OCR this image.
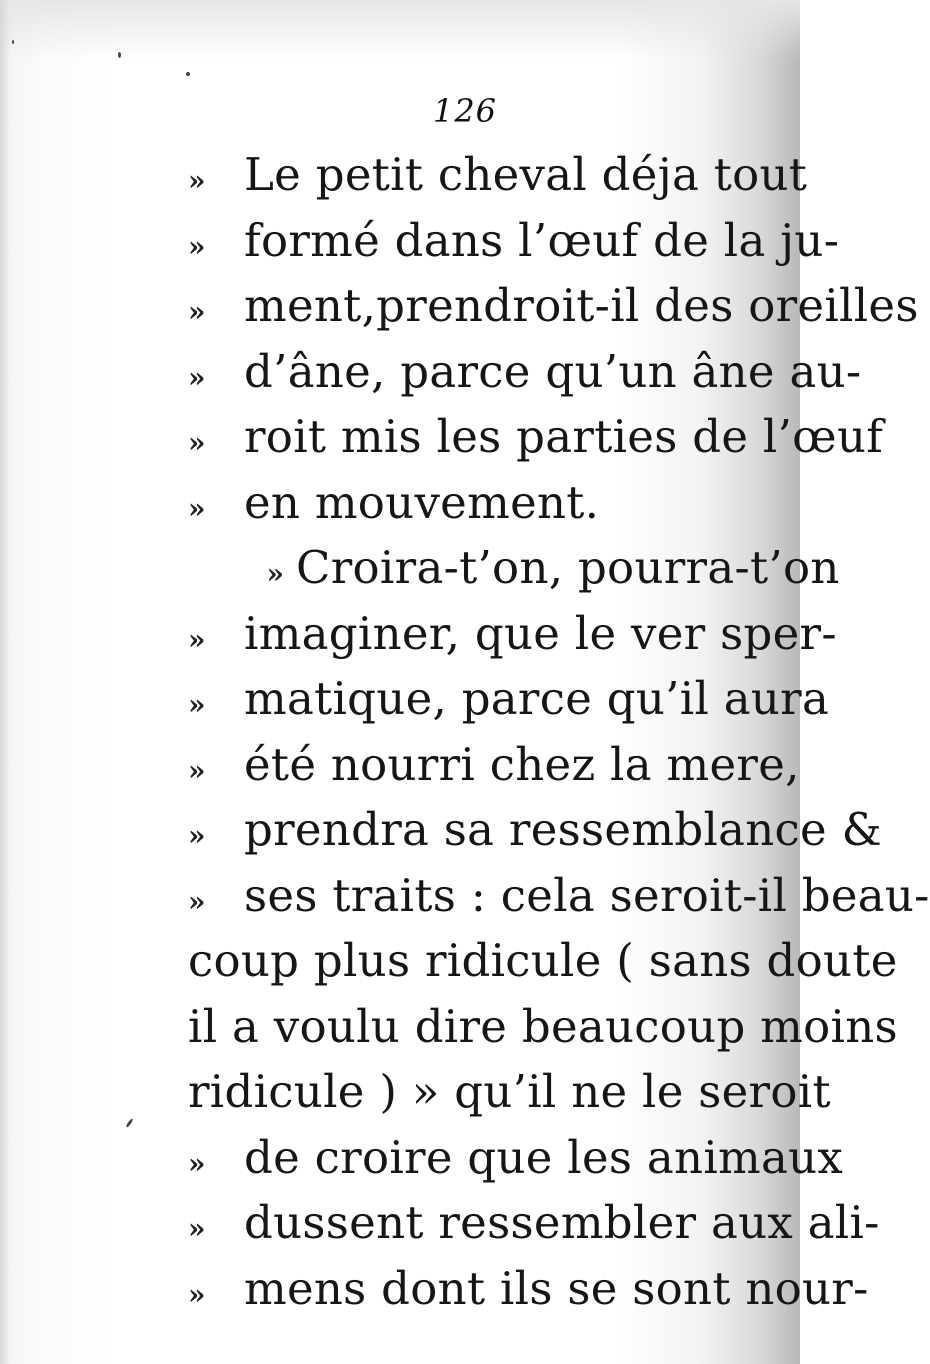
126
» Le petit cheval déja tout
» formé dans l’œuf de la ju-
» ment,prendroit-il des oreilles
» d’âne, parce qu’un âne au-
» roit mis les parties de l’œuf
» en mouvement.
» Croira-t’on, pourra-t’on
» imaginer, que le ver sper-
» matique, parce qu’il aura
» été nourri chez la mere,
» prendra sa ressemblance &
» ses traits : cela seroit-il beau-
coup plus ridicule ( sans doute
il a voulu dire beaucoup moins
ridicule ) » qu’il ne le seroit
» de croire que les animaux
» dussent ressembler aux ali-
» mens dont ils se sont nour-
